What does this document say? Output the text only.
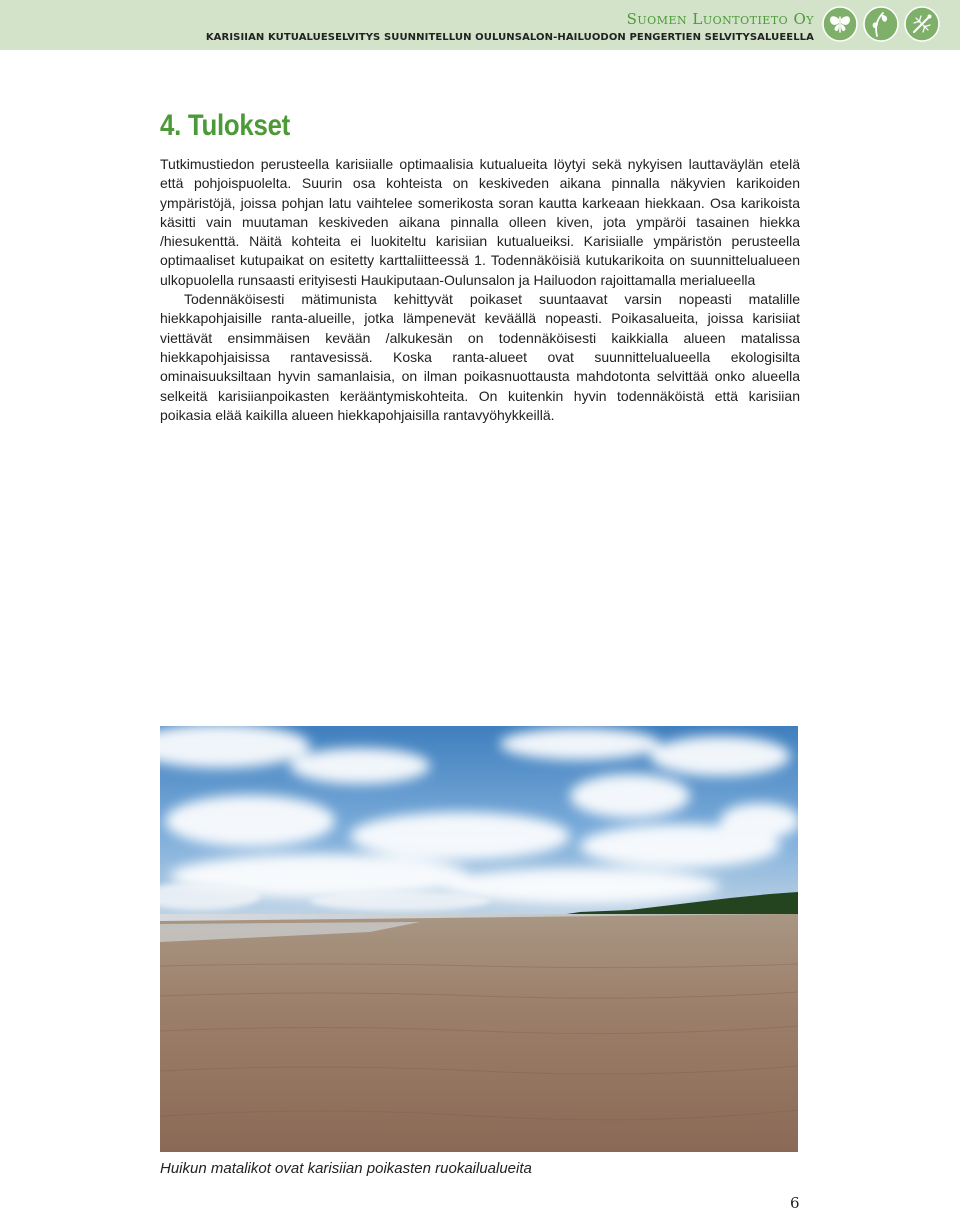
Suomen Luontotieto Oy
KARISIIAN KUTUALUESELVITYS SUUNNITELLUN OULUNSALON-HAILUODON PENGERTIEN SELVITYSALUEELLA
4. Tulokset

Tutkimustiedon perusteella karisiialle optimaalisia kutualueita löytyi sekä nykyisen lauttaväylän etelä että pohjoispuolelta. Suurin osa kohteista on keskiveden aikana pinnalla näkyvien karikoiden ympäristöjä, joissa pohjan latu vaihtelee somerikosta soran kautta karkeaan hiekkaan. Osa karikoista käsitti vain muutaman keskiveden aikana pinnalla olleen kiven, jota ympäröi tasainen hiekka /hiesukenttä. Näitä kohteita ei luokiteltu karisiian kutualueiksi. Karisiialle ympäristön perusteella optimaaliset kutupaikat on esitetty karttaliitteessä 1. Todennäköisiä kutukarikoita on suunnittelualueen ulkopuolella runsaasti erityisesti Haukiputaan-Oulunsalon ja Hailuodon rajoittamalla merialueella

Todennäköisesti mätimunista kehittyvät poikaset suuntaavat varsin nopeasti matalille hiekkapohjaisille ranta-alueille, jotka lämpenevät keväällä nopeasti. Poikasalueita, joissa karisiiat viettävät ensimmäisen kevään /alkukesän on todennäköisesti kaikkialla alueen matalissa hiekkapohjaisissa rantavesissä. Koska ranta-alueet ovat suunnittelualueella ekologisilta ominaisuuksiltaan hyvin samanlaisia, on ilman poikasnuottausta mahdotonta selvittää onko alueella selkeitä karisiianpoikasten kerääntymiskohteita. On kuitenkin hyvin todennäköistä että karisiian poikasia elää kaikilla alueen hiekkapohjaisilla rantavyöhykkeillä.

Huikun matalikot ovat karisiian poikasten ruokailualueita
6
